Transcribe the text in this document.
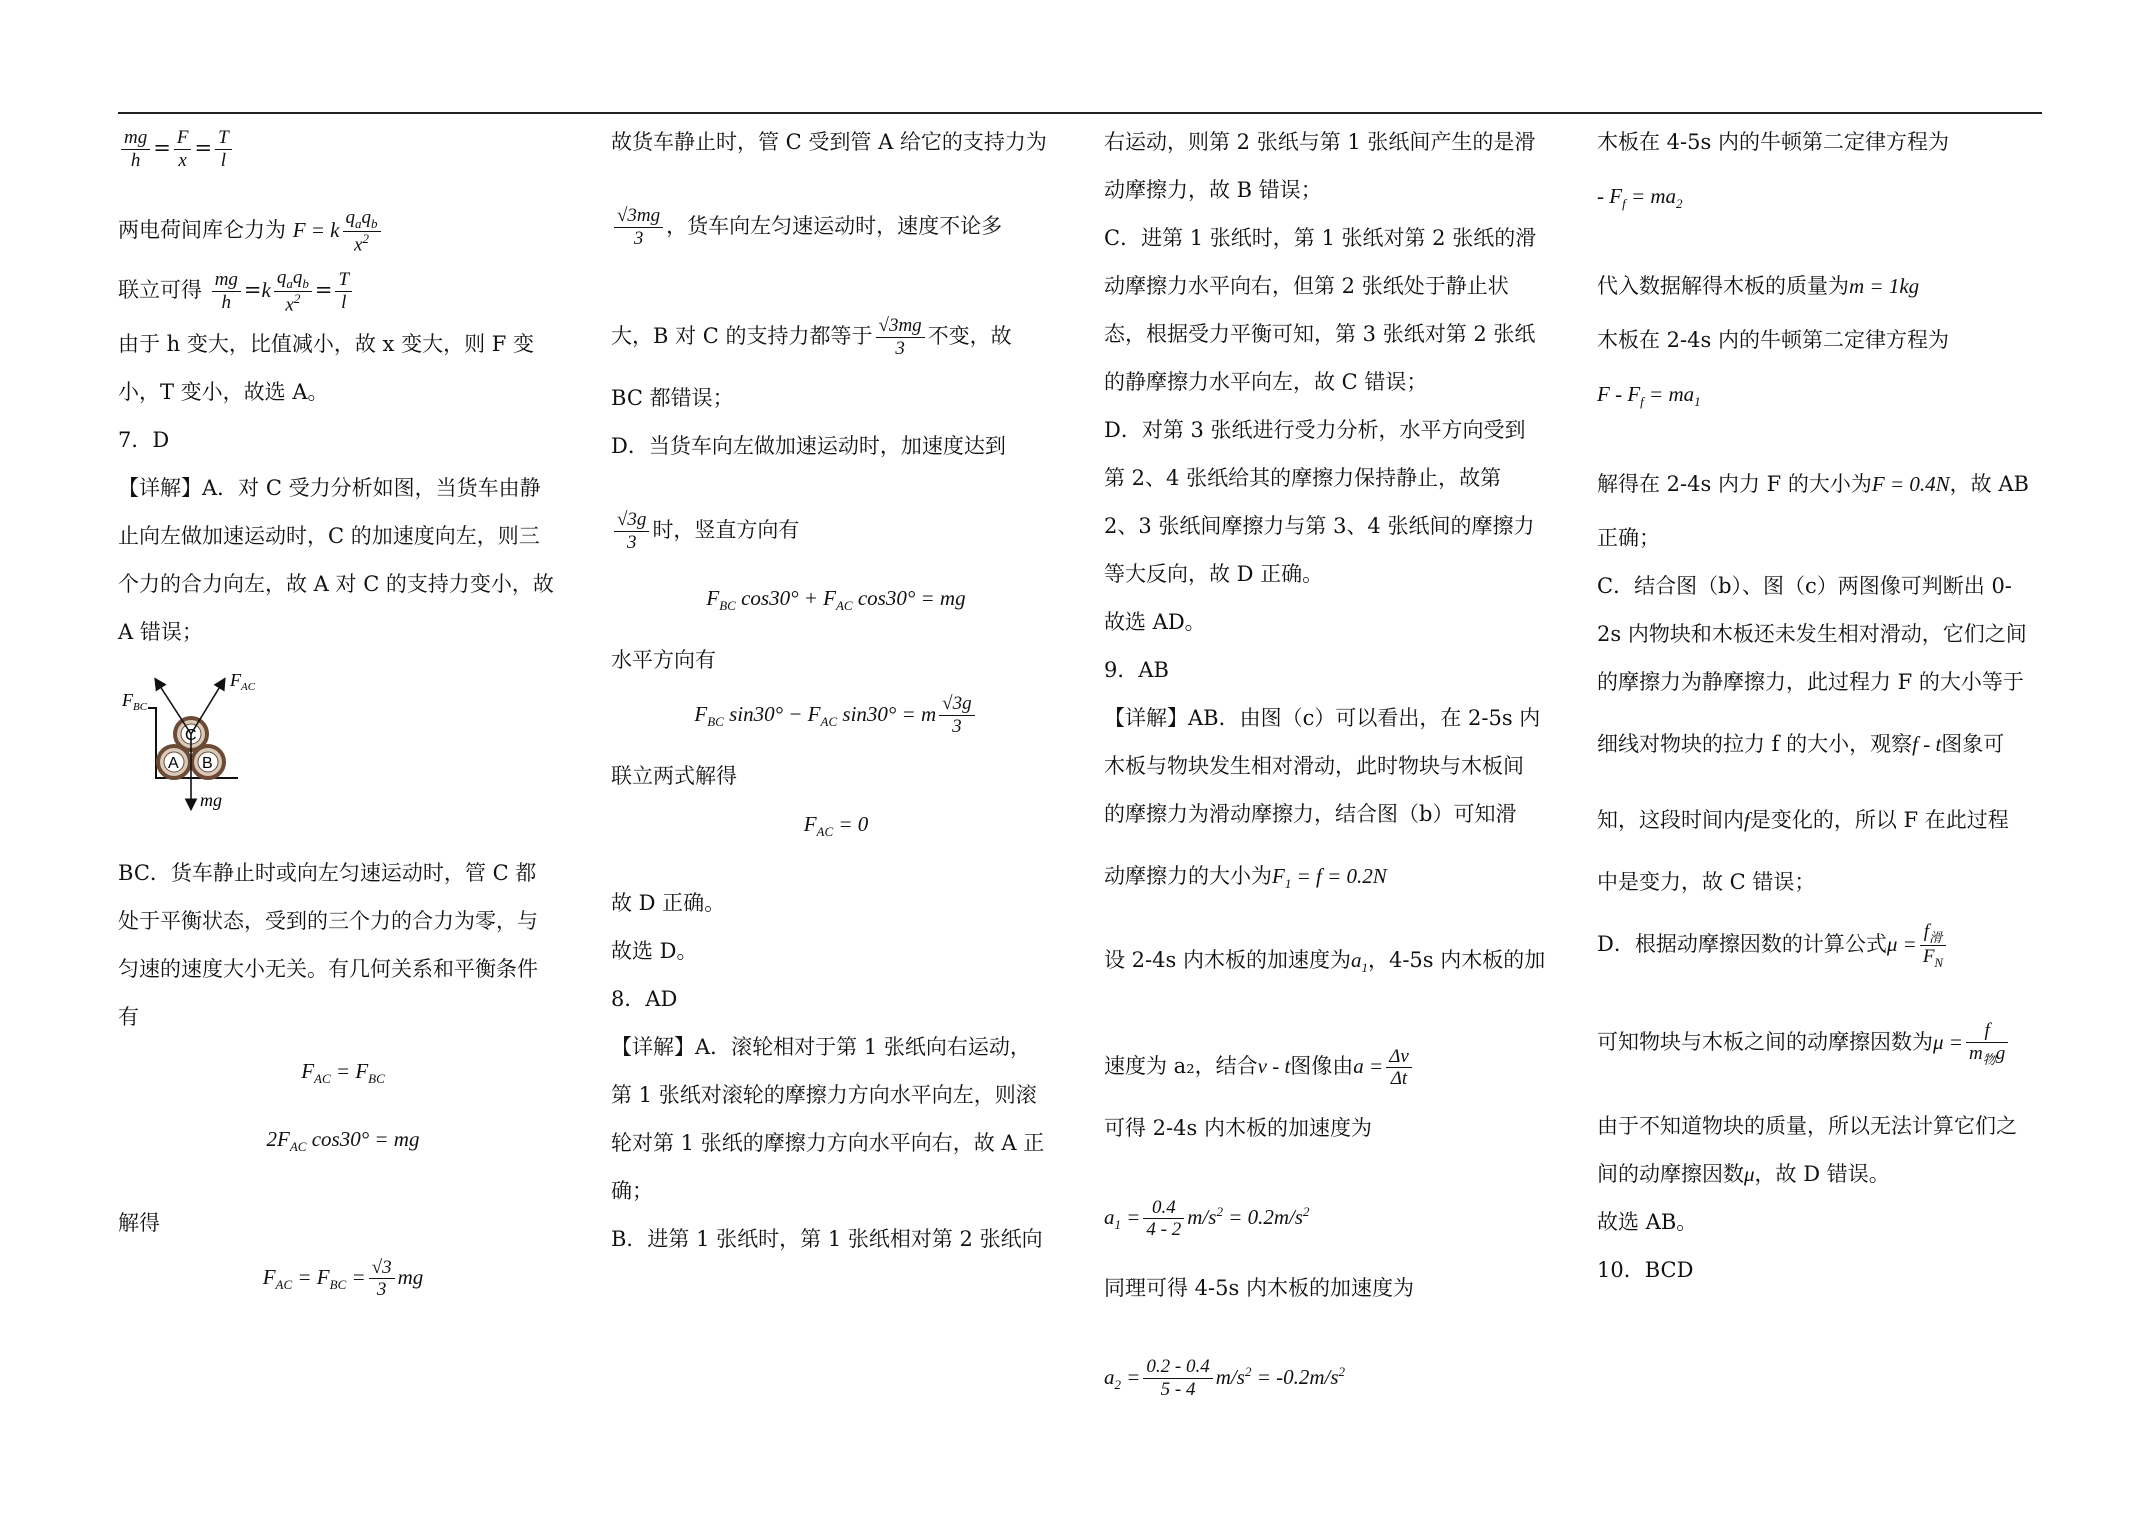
$\frac{mg}{h} = \frac{F}{x} = \frac{T}{l}$
两电荷间库仑力为 F = k $\frac{q_aq_b}{x^2}$
联立可得 $\frac{mg}{h} =k \frac{q_aq_b}{x^2} = \frac{T}{l}$
由于 h 变大，比值减小，故 x 变大，则 F 变
小，T 变小，故选 A。
7．D
【详解】A．对 C 受力分析如图，当货车由静
止向左做加速运动时，C 的加速度向左，则三
个力的合力向左，故 A 对 C 的支持力变小，故
A 错误；
$F_{BC}$
$F_{AC}$
C
A B
mg
BC．货车静止时或向左匀速运动时，管 C 都
处于平衡状态，受到的三个力的合力为零，与
匀速的速度大小无关。有几何关系和平衡条件
有
$F_{AC} = F_{BC}$
$2F_{AC}$ cos30° = mg
解得
$F_{AC} = F_{BC} = \frac{√3}{3}$ mg
故货车静止时，管 C 受到管 A 给它的支持力为
$\frac{√3mg}{3}$ ，货车向左匀速运动时，速度不论多
大，B 对 C 的支持力都等于 $\frac{√3mg}{3}$ 不变，故
BC 都错误；
D．当货车向左做加速运动时，加速度达到
$\frac{√3g}{3}$ 时，竖直方向有
$F_{BC}$ $\cos 30^\circ + F_{AC}$ cos30° = mg
水平方向有
$F_{BC}$ $\sin 30^\circ - F_{AC}$ sin30° = m $\frac{√3g}{3}$
联立两式解得
$F_{AC} = 0$
故 D 正确。
故选 D。
8．AD
【详解】A．滚轮相对于第 1 张纸向右运动，
第 1 张纸对滚轮的摩擦力方向水平向左，则滚
轮对第 1 张纸的摩擦力方向水平向右，故 A 正
确；
B．进第 1 张纸时，第 1 张纸相对第 2 张纸向
右运动，则第 2 张纸与第 1 张纸间产生的是滑
动摩擦力，故 B 错误；
C．进第 1 张纸时，第 1 张纸对第 2 张纸的滑
动摩擦力水平向右，但第 2 张纸处于静止状
态，根据受力平衡可知，第 3 张纸对第 2 张纸
的静摩擦力水平向左，故 C 错误；
D．对第 3 张纸进行受力分析，水平方向受到
第 2、4 张纸给其的摩擦力保持静止，故第
2、3 张纸间摩擦力与第 3、4 张纸间的摩擦力
等大反向，故 D 正确。
故选 AD。
9．AB
【详解】AB．由图（c）可以看出，在 2-5s 内
木板与物块发生相对滑动，此时物块与木板间
的摩擦力为滑动摩擦力，结合图（b）可知滑
动摩擦力的大小为$F_1 = f = 0.2N$
设 2-4s 内木板的加速度为$a_1$，4-5s 内木板的加
速度为 a₂，结合v - t图像由$a = \frac{\Delta v}{\Delta t}$
可得 2-4s 内木板的加速度为
$a_1 = \frac{0.4}{4 - 2} m/s^2 = 0.2m/s^2$
同理可得 4-5s 内木板的加速度为
$a_2 = \frac{0.2 - 0.4}{5 - 4} m/s^2 = -0.2m/s^2$
木板在 4-5s 内的牛顿第二定律方程为
- $F_f = ma_2$
代入数据解得木板的质量为m = 1kg
木板在 2-4s 内的牛顿第二定律方程为
$F - F_f = ma_1$
解得在 2-4s 内力 F 的大小为F = 0.4N，故 AB
正确；
C．结合图（b）、图（c）两图像可判断出 0-
2s 内物块和木板还未发生相对滑动，它们之间
的摩擦力为静摩擦力，此过程力 F 的大小等于
细线对物块的拉力 f 的大小，观察f - t图象可
知，这段时间内f是变化的，所以 F 在此过程
中是变力，故 C 错误；
D．根据动摩擦因数的计算公式$\mu = \frac{f_滑}{F_N}$
可知物块与木板之间的动摩擦因数为$\mu = \frac{f}{m_物g}$
由于不知道物块的质量，所以无法计算它们之
间的动摩擦因数μ，故 D 错误。
故选 AB。
10．BCD
